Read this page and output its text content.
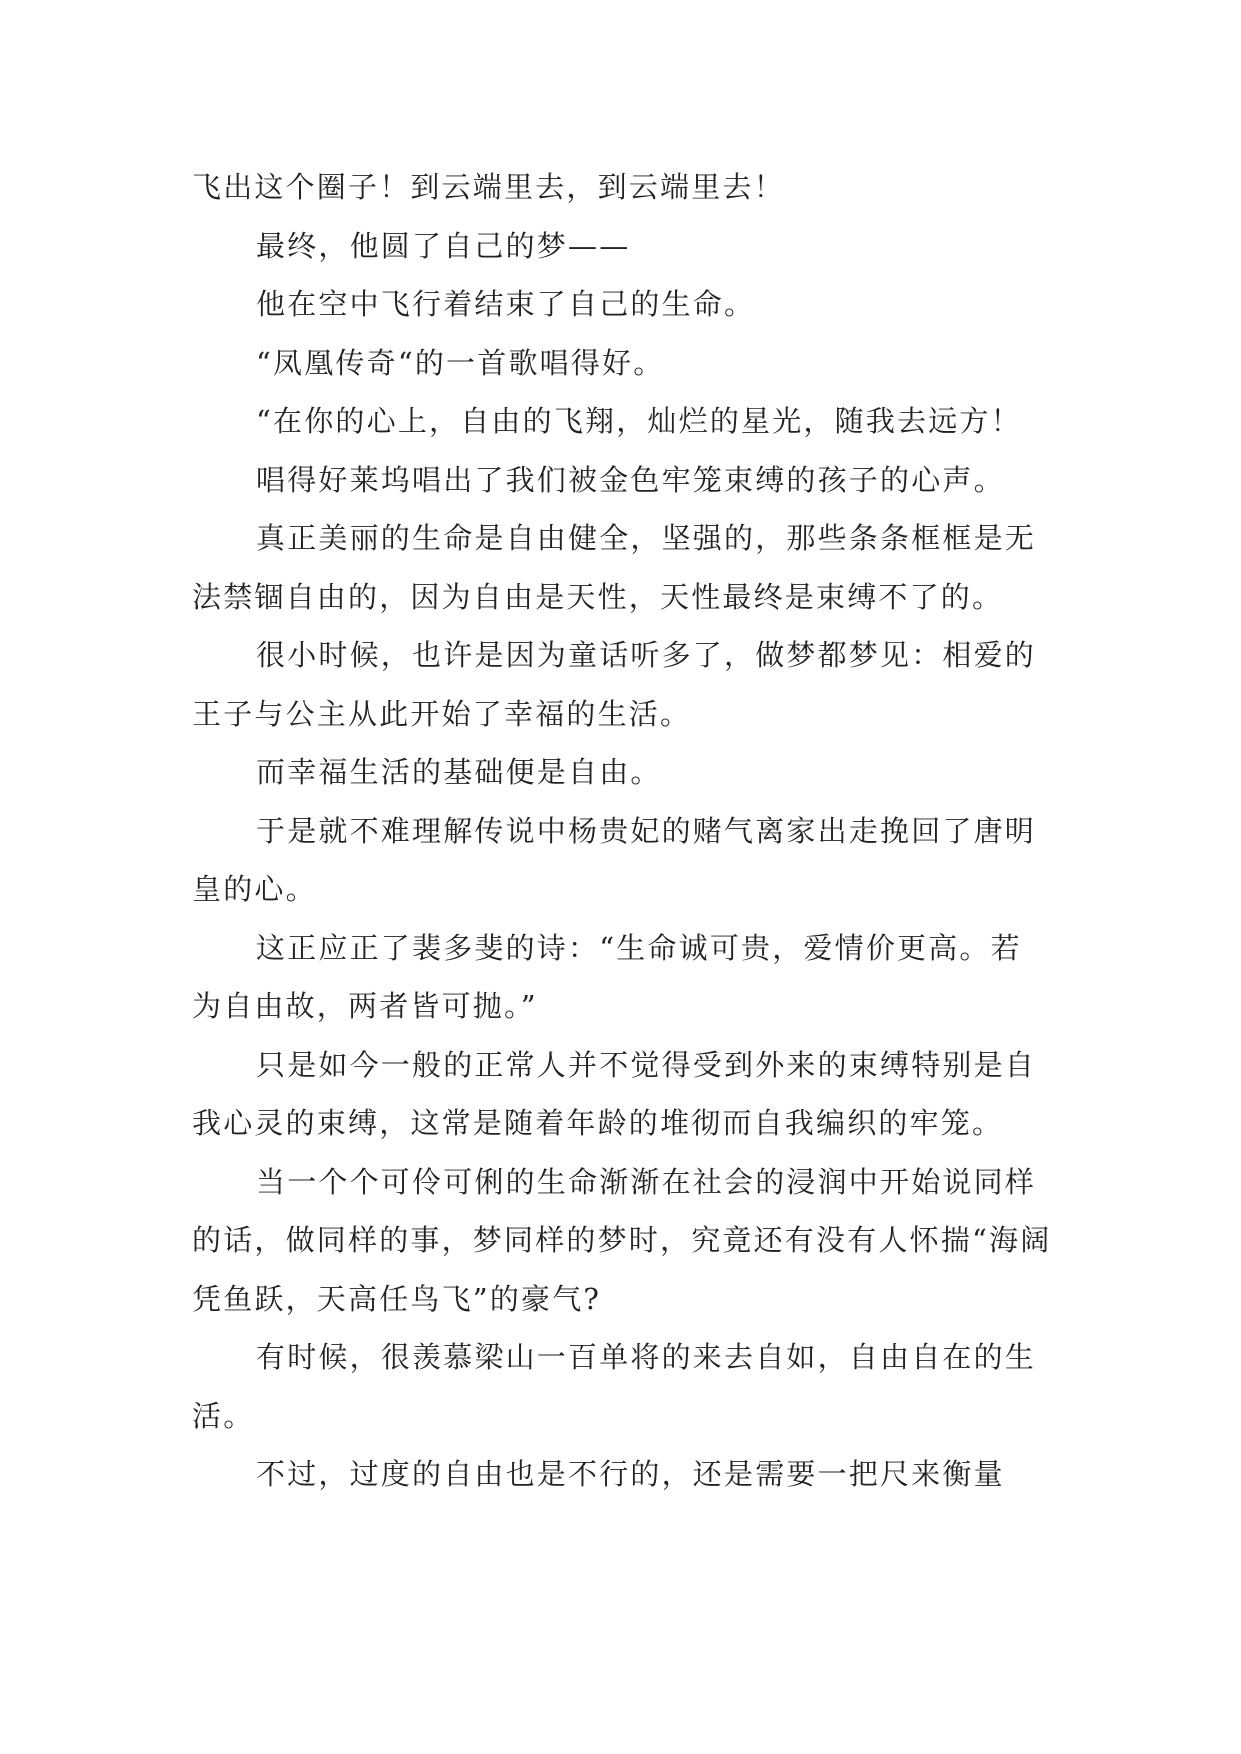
飞出这个圈子！到云端里去，到云端里去！

最终，他圆了自己的梦——

他在空中飞行着结束了自己的生命。

“凤凰传奇“的一首歌唱得好。

“在你的心上，自由的飞翔，灿烂的星光，随我去远方！

唱得好莱坞唱出了我们被金色牢笼束缚的孩子的心声。

真正美丽的生命是自由健全，坚强的，那些条条框框是无法禁锢自由的，因为自由是天性，天性最终是束缚不了的。

很小时候，也许是因为童话听多了，做梦都梦见：相爱的王子与公主从此开始了幸福的生活。

而幸福生活的基础便是自由。

于是就不难理解传说中杨贵妃的赌气离家出走挽回了唐明皇的心。

这正应正了裴多斐的诗：“生命诚可贵，爱情价更高。若为自由故，两者皆可抛。”

只是如今一般的正常人并不觉得受到外来的束缚特别是自我心灵的束缚，这常是随着年龄的堆彻而自我编织的牢笼。

当一个个可伶可俐的生命渐渐在社会的浸润中开始说同样的话，做同样的事，梦同样的梦时，究竟还有没有人怀揣“海阔凭鱼跃，天高任鸟飞”的豪气?

有时候，很羡慕梁山一百单将的来去自如，自由自在的生活。

不过，过度的自由也是不行的，还是需要一把尺来衡量
